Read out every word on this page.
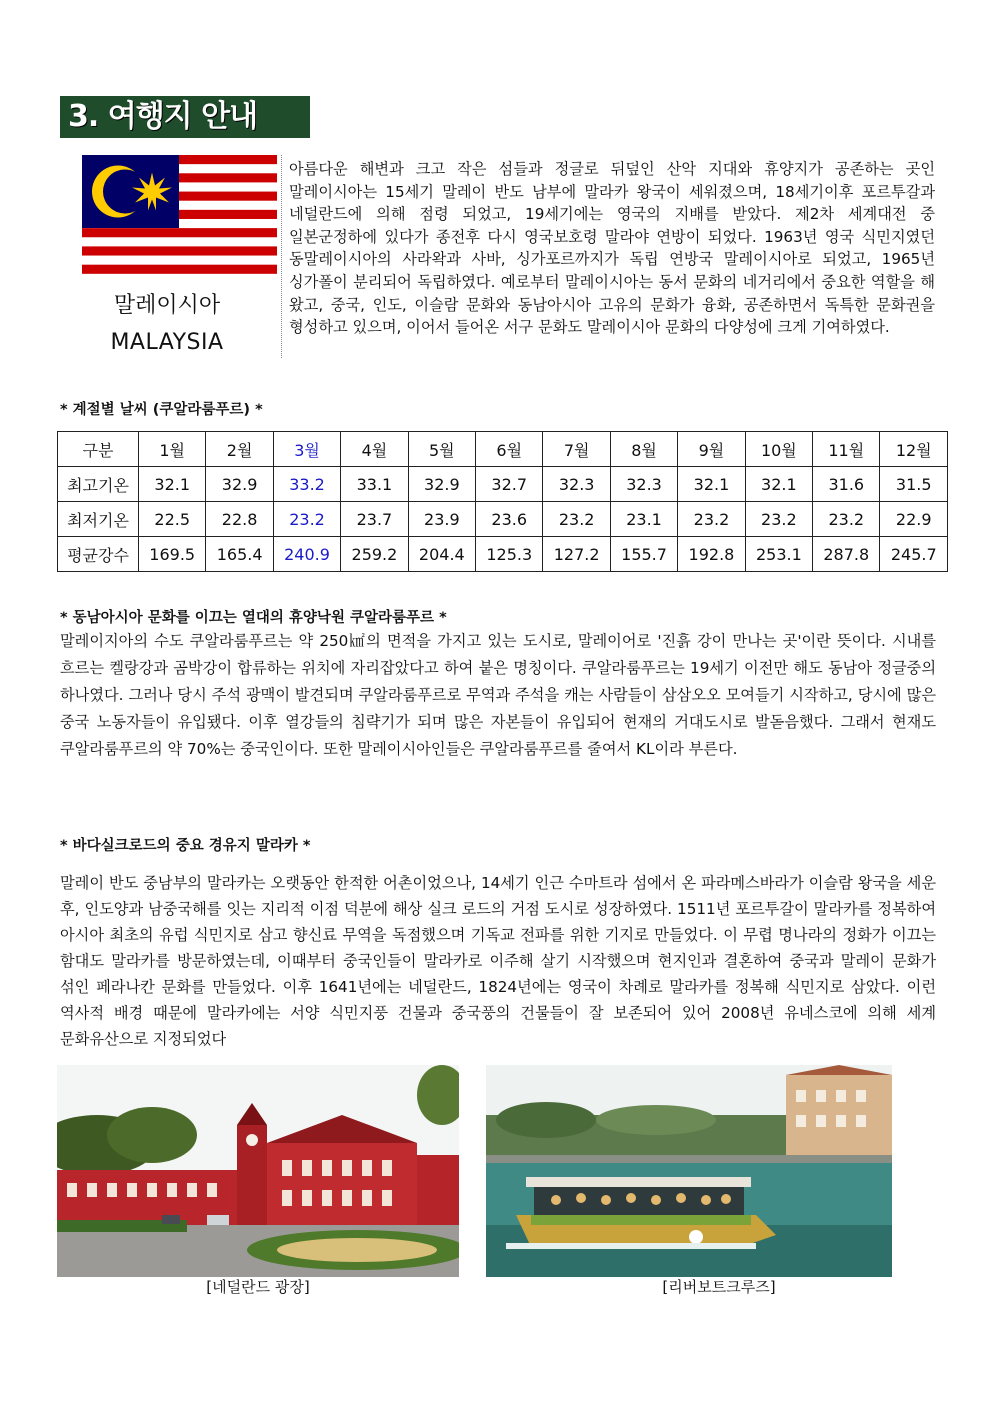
3. 여행지 안내
말레이시아
MALAYSIA
아름다운 해변과 크고 작은 섬들과 정글로 뒤덮인 산악 지대와 휴양지가 공존하는 곳인 말레이시아는 15세기 말레이 반도 남부에 말라카 왕국이 세워졌으며, 18세기이후 포르투갈과 네덜란드에 의해 점령 되었고, 19세기에는 영국의 지배를 받았다. 제2차 세계대전 중 일본군정하에 있다가 종전후 다시 영국보호령 말라야 연방이 되었다. 1963년 영국 식민지였던 동말레이시아의 사라왁과 사바, 싱가포르까지가 독립 연방국 말레이시아로 되었고, 1965년 싱가폴이 분리되어 독립하였다. 예로부터 말레이시아는 동서 문화의 네거리에서 중요한 역할을 해 왔고, 중국, 인도, 이슬람 문화와 동남아시아 고유의 문화가 융화, 공존하면서 독특한 문화권을 형성하고 있으며, 이어서 들어온 서구 문화도 말레이시아 문화의 다양성에 크게 기여하였다.
* 계절별 날씨 (쿠알라룸푸르) *
구분	1월	2월	3월	4월	5월	6월	7월	8월	9월	10월	11월	12월
최고기온	32.1	32.9	33.2	33.1	32.9	32.7	32.3	32.3	32.1	32.1	31.6	31.5
최저기온	22.5	22.8	23.2	23.7	23.9	23.6	23.2	23.1	23.2	23.2	23.2	22.9
평균강수	169.5	165.4	240.9	259.2	204.4	125.3	127.2	155.7	192.8	253.1	287.8	245.7
* 동남아시아 문화를 이끄는 열대의 휴양낙원 쿠알라룸푸르 *
말레이지아의 수도 쿠알라룸푸르는 약 250㎢의 면적을 가지고 있는 도시로, 말레이어로 '진흙 강이 만나는 곳'이란 뜻이다. 시내를 흐르는 켈랑강과 곰박강이 합류하는 위치에 자리잡았다고 하여 붙은 명칭이다. 쿠알라룸푸르는 19세기 이전만 해도 동남아 정글중의 하나였다. 그러나 당시 주석 광맥이 발견되며 쿠알라룸푸르로 무역과 주석을 캐는 사람들이 삼삼오오 모여들기 시작하고, 당시에 많은 중국 노동자들이 유입됐다. 이후 열강들의 침략기가 되며 많은 자본들이 유입되어 현재의 거대도시로 발돋음했다. 그래서 현재도 쿠알라룸푸르의 약 70%는 중국인이다. 또한 말레이시아인들은 쿠알라룸푸르를 줄여서 KL이라 부른다.
* 바다실크로드의 중요 경유지 말라카 *
말레이 반도 중남부의 말라카는 오랫동안 한적한 어촌이었으나, 14세기 인근 수마트라 섬에서 온 파라메스바라가 이슬람 왕국을 세운 후, 인도양과 남중국해를 잇는 지리적 이점 덕분에 해상 실크 로드의 거점 도시로 성장하였다. 1511년 포르투갈이 말라카를 정복하여 아시아 최초의 유럽 식민지로 삼고 향신료 무역을 독점했으며 기독교 전파를 위한 기지로 만들었다. 이 무렵 명나라의 정화가 이끄는 함대도 말라카를 방문하였는데, 이때부터 중국인들이 말라카로 이주해 살기 시작했으며 현지인과 결혼하여 중국과 말레이 문화가 섞인 페라나칸 문화를 만들었다. 이후 1641년에는 네덜란드, 1824년에는 영국이 차례로 말라카를 정복해 식민지로 삼았다. 이런 역사적 배경 때문에 말라카에는 서양 식민지풍 건물과 중국풍의 건물들이 잘 보존되어 있어 2008년 유네스코에 의해 세계 문화유산으로 지정되었다
[네덜란드 광장]	[리버보트크루즈]
